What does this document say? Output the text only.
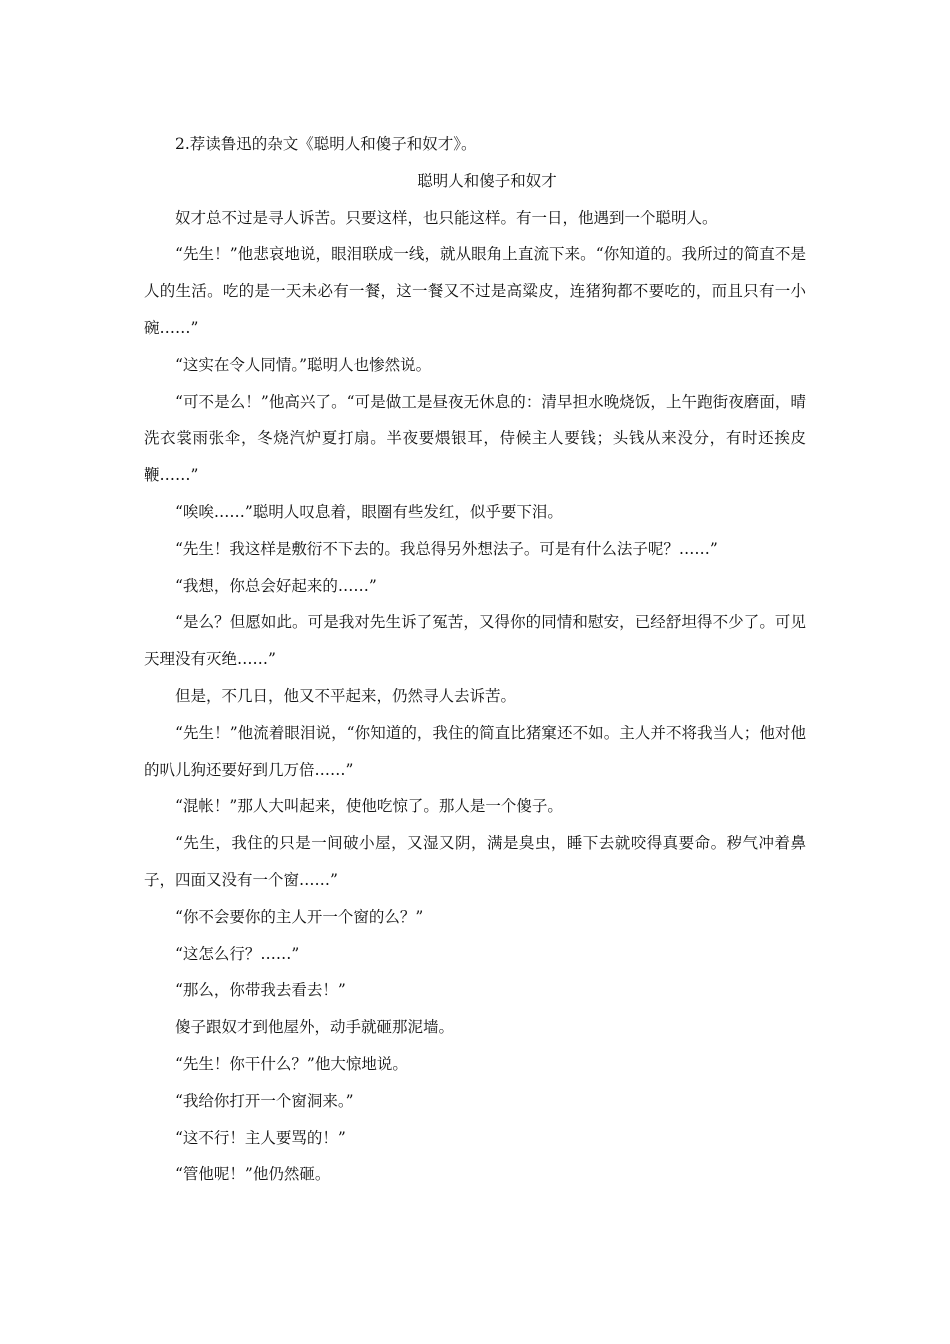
2.荐读鲁迅的杂文《聪明人和傻子和奴才》。

聪明人和傻子和奴才

奴才总不过是寻人诉苦。只要这样，也只能这样。有一日，他遇到一个聪明人。

“先生！”他悲哀地说，眼泪联成一线，就从眼角上直流下来。“你知道的。我所过的简直不是人的生活。吃的是一天未必有一餐，这一餐又不过是高粱皮，连猪狗都不要吃的，而且只有一小碗……”

“这实在令人同情。”聪明人也惨然说。

“可不是么！”他高兴了。“可是做工是昼夜无休息的：清早担水晚烧饭，上午跑街夜磨面，晴洗衣裳雨张伞，冬烧汽炉夏打扇。半夜要煨银耳，侍候主人要钱；头钱从来没分，有时还挨皮鞭……”

“唉唉……”聪明人叹息着，眼圈有些发红，似乎要下泪。

“先生！我这样是敷衍不下去的。我总得另外想法子。可是有什么法子呢？……”

“我想，你总会好起来的……”

“是么？但愿如此。可是我对先生诉了冤苦，又得你的同情和慰安，已经舒坦得不少了。可见天理没有灭绝……”

但是，不几日，他又不平起来，仍然寻人去诉苦。

“先生！”他流着眼泪说，“你知道的，我住的简直比猪窠还不如。主人并不将我当人；他对他的叭儿狗还要好到几万倍……”

“混帐！”那人大叫起来，使他吃惊了。那人是一个傻子。

“先生，我住的只是一间破小屋，又湿又阴，满是臭虫，睡下去就咬得真要命。秽气冲着鼻子，四面又没有一个窗……”

“你不会要你的主人开一个窗的么？”

“这怎么行？……”

“那么，你带我去看去！”

傻子跟奴才到他屋外，动手就砸那泥墙。

“先生！你干什么？”他大惊地说。

“我给你打开一个窗洞来。”

“这不行！主人要骂的！”

“管他呢！”他仍然砸。
